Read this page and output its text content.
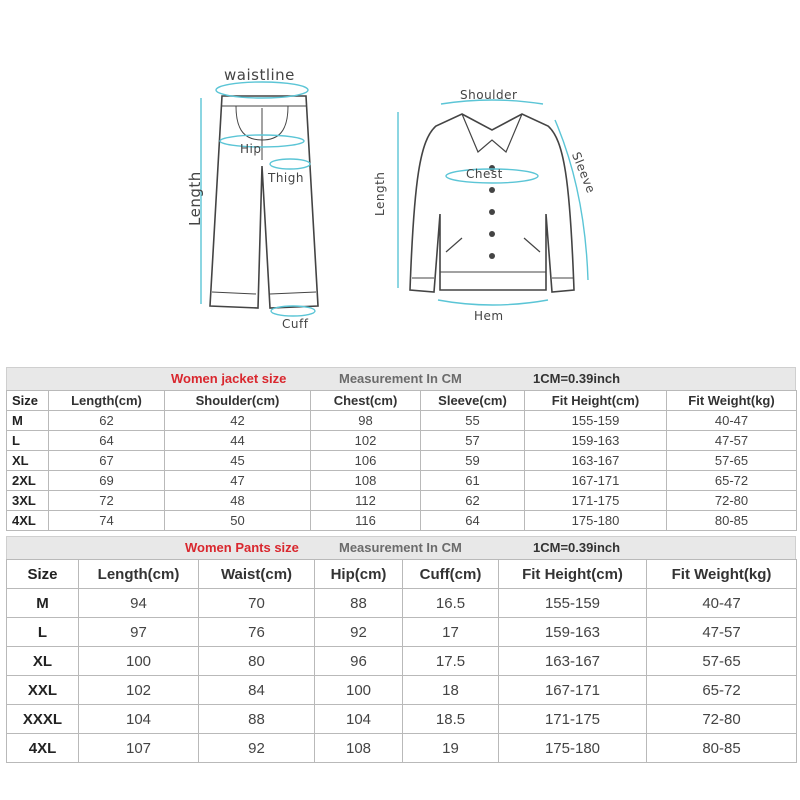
waistline
Hip
Thigh
Length
Cuff
Shoulder
Chest	Sleeve
Length
Hem
Women jacket size	Measurement In CM	1CM=0.39inch
Size	Length(cm)	Shoulder(cm)	Chest(cm)	Sleeve(cm)	Fit Height(cm)	Fit Weight(kg)
M	62	42	98	55	155-159	40-47
L	64	44	102	57	159-163	47-57
XL	67	45	106	59	163-167	57-65
2XL	69	47	108	61	167-171	65-72
3XL	72	48	112	62	171-175	72-80
4XL	74	50	116	64	175-180	80-85
Women Pants size	Measurement In CM	1CM=0.39inch
Size	Length(cm)	Waist(cm)	Hip(cm)	Cuff(cm)	Fit Height(cm)	Fit Weight(kg)
M	94	70	88	16.5	155-159	40-47
L	97	76	92	17	159-163	47-57
XL	100	80	96	17.5	163-167	57-65
XXL	102	84	100	18	167-171	65-72
XXXL	104	88	104	18.5	171-175	72-80
4XL	107	92	108	19	175-180	80-85
